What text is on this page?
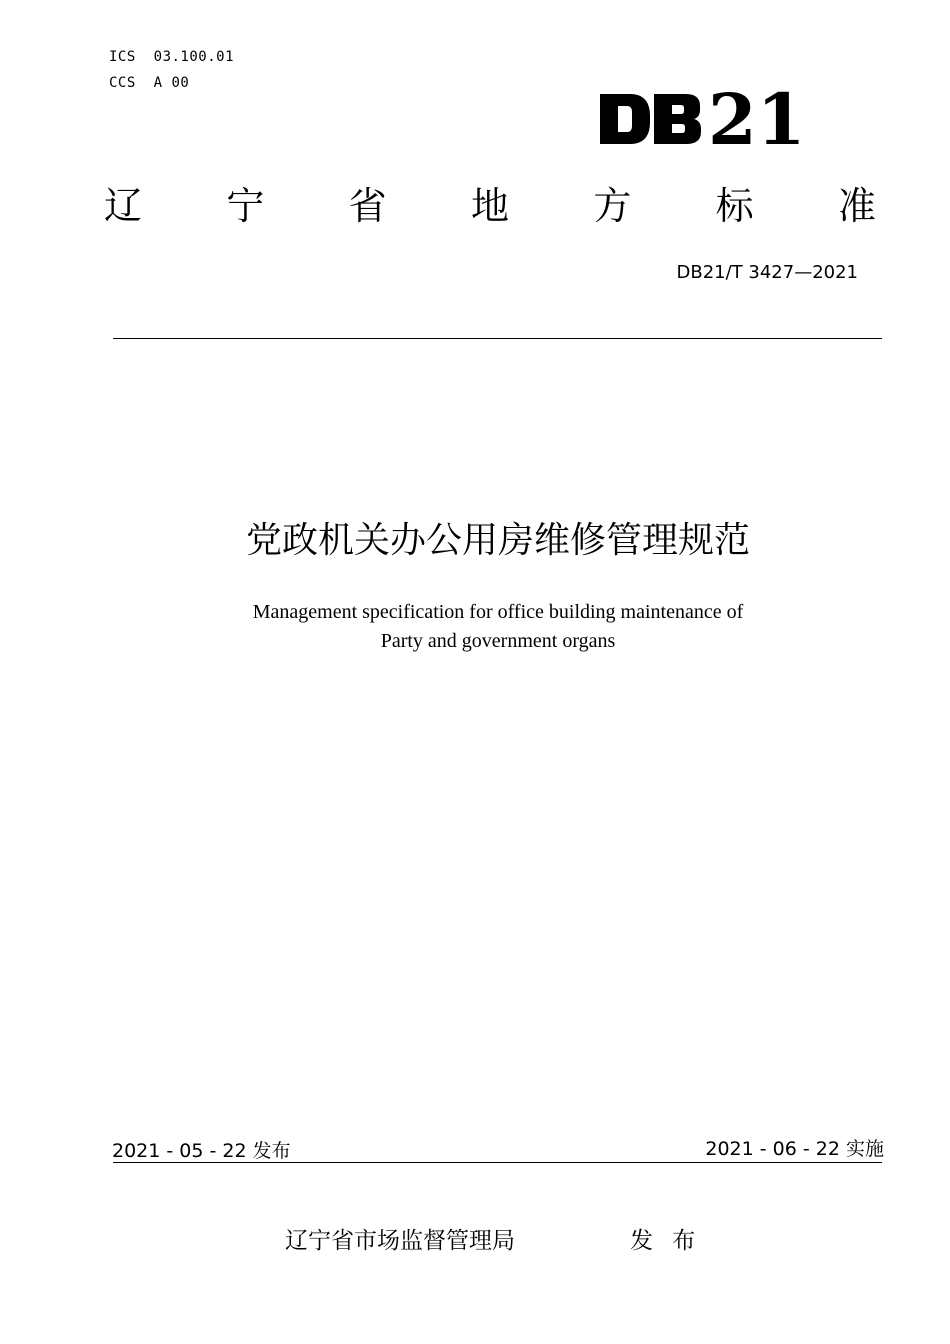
ICS  03.100.01
CCS  A 00	21
辽 宁 省 地 方 标 准
DB21/T 3427—2021
党政机关办公用房维修管理规范
Management specification for office building maintenance of
Party and government organs
2021 - 05 - 22 发布	2021 - 06 - 22 实施
辽宁省市场监督管理局	发 布
